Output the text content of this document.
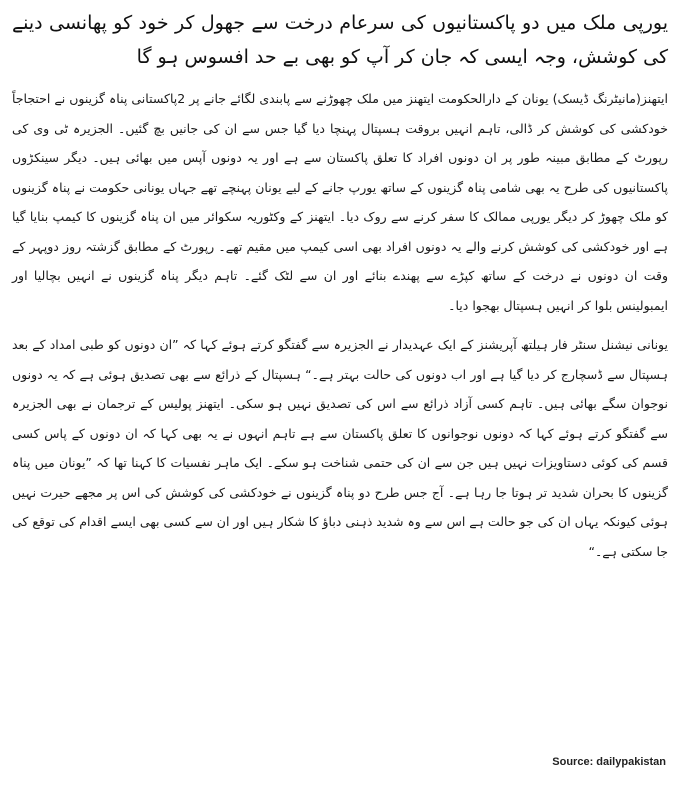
یورپی ملک میں دو پاکستانیوں کی سرعام درخت سے جھول کر خود کو پھانسی دینے کی کوشش، وجہ ایسی کہ جان کر آپ کو بھی بے حد افسوس ہو گا

ایتھنز(مانیٹرنگ ڈیسک) یونان کے دارالحکومت ایتھنز میں ملک چھوڑنے سے پابندی لگائے جانے پر 2پاکستانی پناہ گزینوں نے احتجاجاً خودکشی کی کوشش کر ڈالی، تاہم انہیں بروقت ہسپتال پہنچا دیا گیا جس سے ان کی جانیں بچ گئیں۔ الجزیرہ ٹی وی کی رپورٹ کے مطابق مبینہ طور پر ان دونوں افراد کا تعلق پاکستان سے ہے اور یہ دونوں آپس میں بھائی ہیں۔ دیگر سینکڑوں پاکستانیوں کی طرح یہ بھی شامی پناہ گزینوں کے ساتھ یورپ جانے کے لیے یونان پہنچے تھے جہاں یونانی حکومت نے پناہ گزینوں کو ملک چھوڑ کر دیگر یورپی ممالک کا سفر کرنے سے روک دیا۔ ایتھنز کے وکٹوریہ سکوائر میں ان پناہ گزینوں کا کیمپ بنایا گیا ہے اور خودکشی کی کوشش کرنے والے یہ دونوں افراد بھی اسی کیمپ میں مقیم تھے۔ رپورٹ کے مطابق گزشتہ روز دوپہر کے وقت ان دونوں نے درخت کے ساتھ کپڑے سے پھندے بنائے اور ان سے لٹک گئے۔ تاہم دیگر پناہ گزینوں نے انہیں بچالیا اور ایمبولینس بلوا کر انہیں ہسپتال بھجوا دیا۔

یونانی نیشنل سنٹر فار ہیلتھ آپریشنز کے ایک عہدیدار نے الجزیرہ سے گفتگو کرتے ہوئے کہا کہ ”ان دونوں کو طبی امداد کے بعد ہسپتال سے ڈسچارج کر دیا گیا ہے اور اب دونوں کی حالت بہتر ہے۔“ ہسپتال کے ذرائع سے بھی تصدیق ہوئی ہے کہ یہ دونوں نوجوان سگے بھائی ہیں۔ تاہم کسی آزاد ذرائع سے اس کی تصدیق نہیں ہو سکی۔ ایتھنز پولیس کے ترجمان نے بھی الجزیرہ سے گفتگو کرتے ہوئے کہا کہ دونوں نوجوانوں کا تعلق پاکستان سے ہے تاہم انہوں نے یہ بھی کہا کہ ان دونوں کے پاس کسی قسم کی کوئی دستاویزات نہیں ہیں جن سے ان کی حتمی شناخت ہو سکے۔ ایک ماہر نفسیات کا کہنا تھا کہ ”یونان میں پناہ گزینوں کا بحران شدید تر ہوتا جا رہا ہے۔ آج جس طرح دو پناہ گزینوں نے خودکشی کی کوشش کی اس پر مجھے حیرت نہیں ہوئی کیونکہ یہاں ان کی جو حالت ہے اس سے وہ شدید ذہنی دباؤ کا شکار ہیں اور ان سے کسی بھی ایسے اقدام کی توقع کی جا سکتی ہے۔“

Source: dailypakistan
